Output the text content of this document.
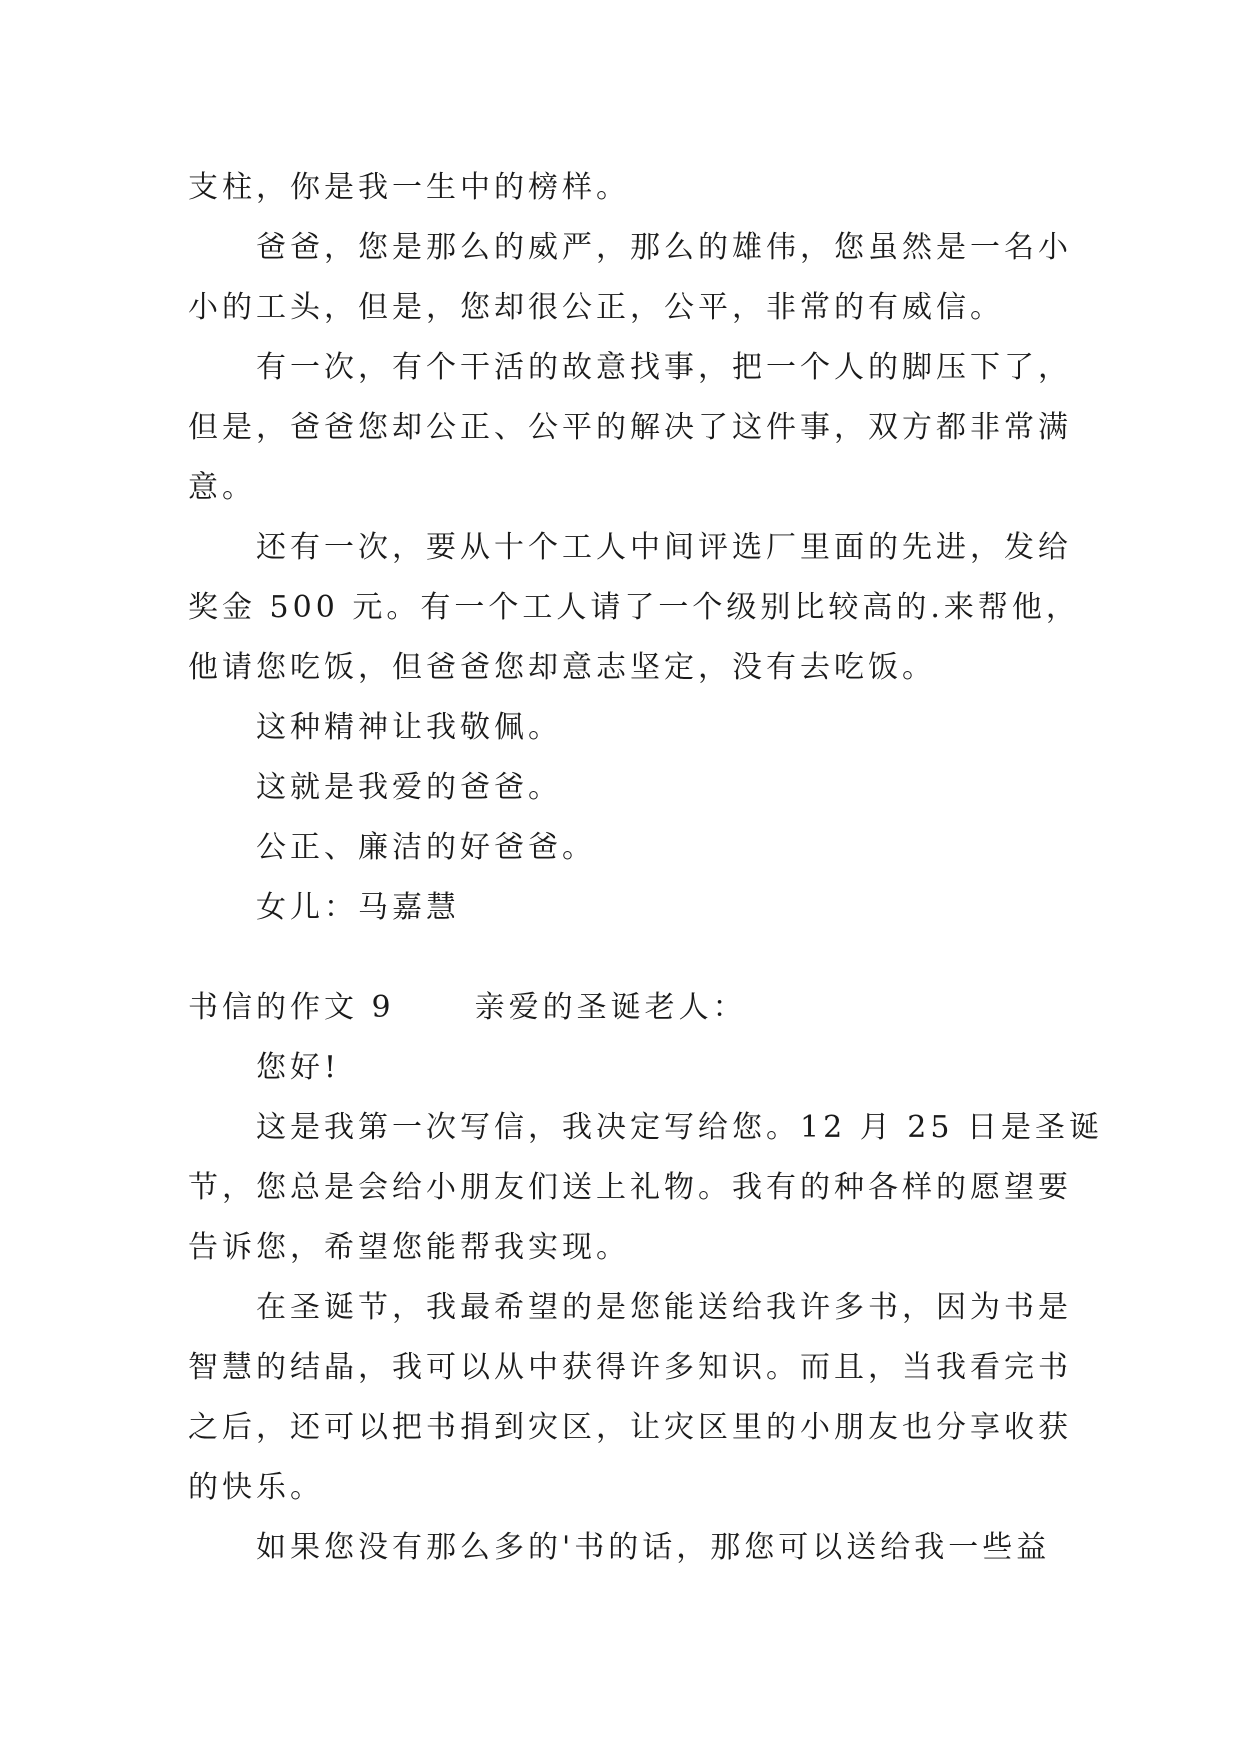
支柱，你是我一生中的榜样。
爸爸，您是那么的威严，那么的雄伟，您虽然是一名小
小的工头，但是，您却很公正，公平，非常的有威信。
有一次，有个干活的故意找事，把一个人的脚压下了，
但是，爸爸您却公正、公平的解决了这件事，双方都非常满
意。
还有一次，要从十个工人中间评选厂里面的先进，发给
奖金 500 元。有一个工人请了一个级别比较高的.来帮他，
他请您吃饭，但爸爸您却意志坚定，没有去吃饭。
这种精神让我敬佩。
这就是我爱的爸爸。
公正、廉洁的好爸爸。
女儿：马嘉慧
书信的作文 9	亲爱的圣诞老人：
您好!
这是我第一次写信，我决定写给您。12 月 25 日是圣诞
节，您总是会给小朋友们送上礼物。我有的种各样的愿望要
告诉您，希望您能帮我实现。
在圣诞节，我最希望的是您能送给我许多书，因为书是
智慧的结晶，我可以从中获得许多知识。而且，当我看完书
之后，还可以把书捐到灾区，让灾区里的小朋友也分享收获
的快乐。
如果您没有那么多的'书的话，那您可以送给我一些益
